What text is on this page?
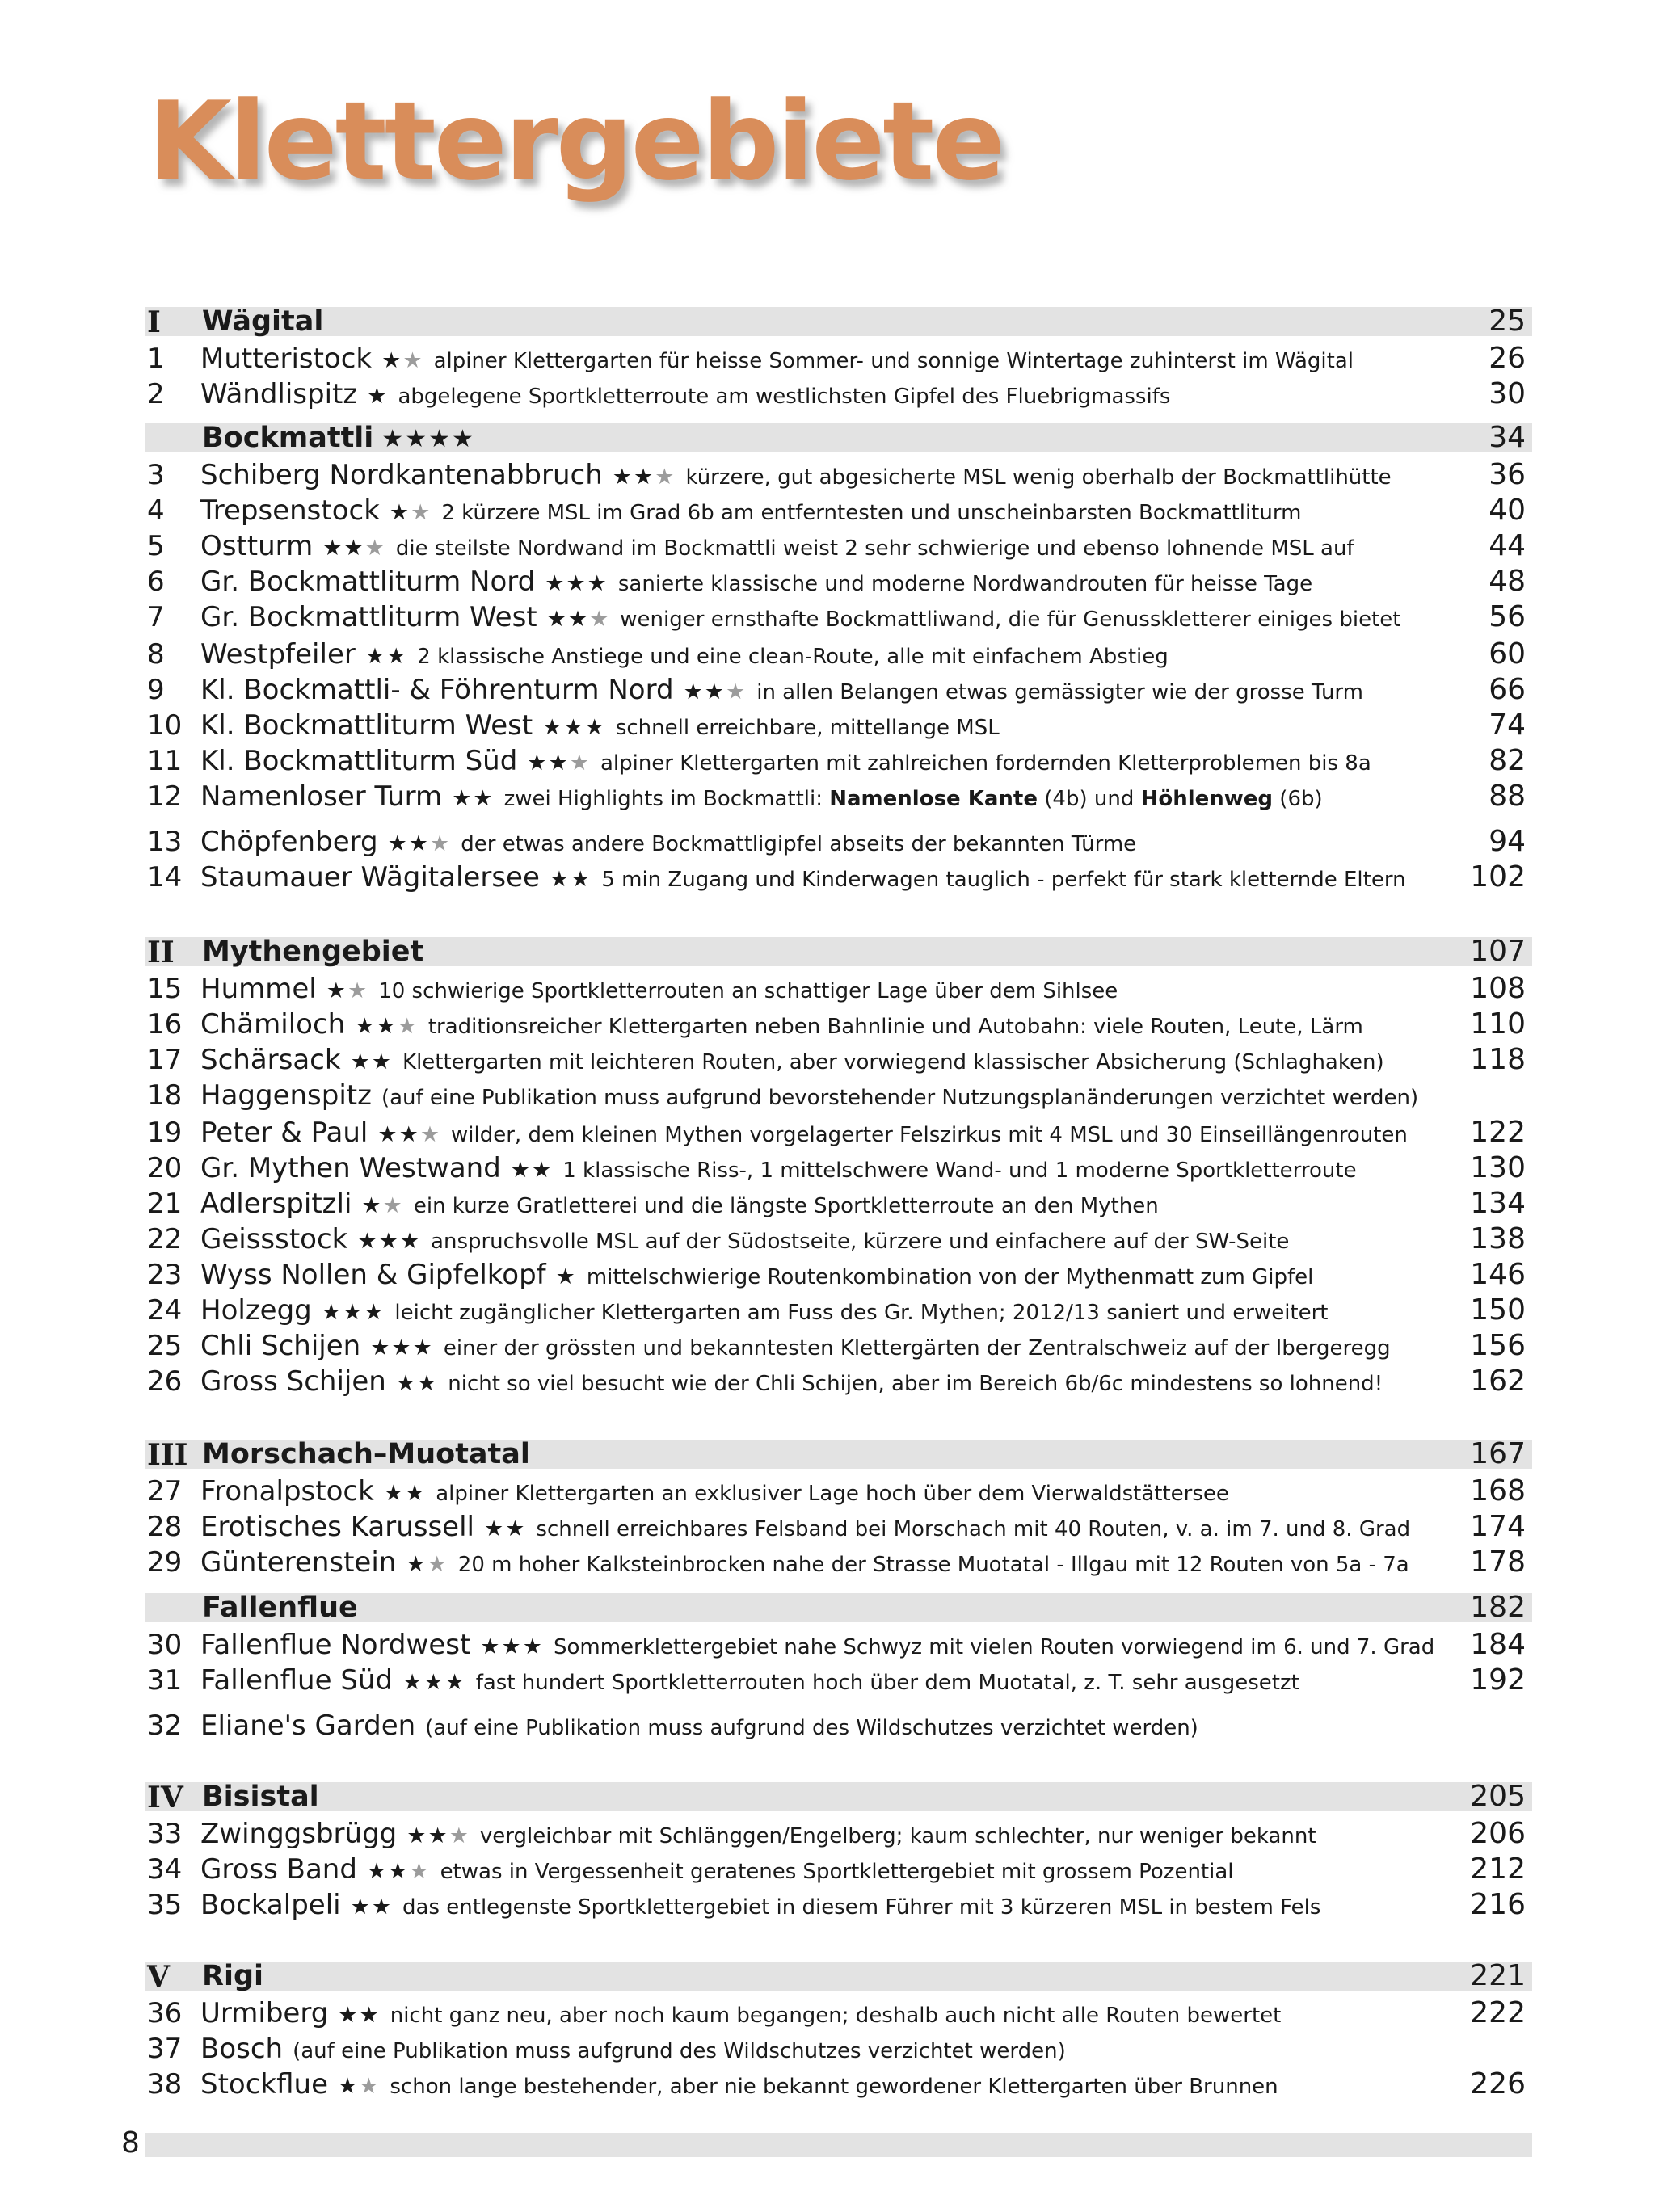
Klettergebiete
I Wägital	25
1 Mutteristock ★★ alpiner Klettergarten für heisse Sommer- und sonnige Wintertage zuhinterst im Wägital	26
2 Wändlispitz ★ abgelegene Sportkletterroute am westlichsten Gipfel des Fluebrigmassifs	30
Bockmattli ★★★★	34
3 Schiberg Nordkantenabbruch ★★★ kürzere, gut abgesicherte MSL wenig oberhalb der Bockmattlihütte	36
4 Trepsenstock ★★ 2 kürzere MSL im Grad 6b am entferntesten und unscheinbarsten Bockmattliturm	40
5 Ostturm ★★★ die steilste Nordwand im Bockmattli weist 2 sehr schwierige und ebenso lohnende MSL auf	44
6 Gr. Bockmattliturm Nord ★★★ sanierte klassische und moderne Nordwandrouten für heisse Tage	48
7 Gr. Bockmattliturm West ★★★ weniger ernsthafte Bockmattliwand, die für Genusskletterer einiges bietet	56
8 Westpfeiler ★★ 2 klassische Anstiege und eine clean-Route, alle mit einfachem Abstieg	60
9 Kl. Bockmattli- & Föhrenturm Nord ★★★ in allen Belangen etwas gemässigter wie der grosse Turm	66
10 Kl. Bockmattliturm West ★★★ schnell erreichbare, mittellange MSL	74
11 Kl. Bockmattliturm Süd ★★★ alpiner Klettergarten mit zahlreichen fordernden Kletterproblemen bis 8a	82
12 Namenloser Turm ★★ zwei Highlights im Bockmattli: Namenlose Kante (4b) und Höhlenweg (6b)	88
13 Chöpfenberg ★★★ der etwas andere Bockmattligipfel abseits der bekannten Türme	94
14 Staumauer Wägitalersee ★★ 5 min Zugang und Kinderwagen tauglich - perfekt für stark kletternde Eltern 102
II Mythengebiet	107
15 Hummel ★★ 10 schwierige Sportkletterrouten an schattiger Lage über dem Sihlsee	108
16 Chämiloch ★★★ traditionsreicher Klettergarten neben Bahnlinie und Autobahn: viele Routen, Leute, Lärm	110
17 Schärsack ★★ Klettergarten mit leichteren Routen, aber vorwiegend klassischer Absicherung (Schlaghaken)	118
18 Haggenspitz (auf eine Publikation muss aufgrund bevorstehender Nutzungsplanänderungen verzichtet werden)
19 Peter & Paul ★★★ wilder, dem kleinen Mythen vorgelagerter Felszirkus mit 4 MSL und 30 Einseillängenrouten 122
20 Gr. Mythen Westwand ★★ 1 klassische Riss-, 1 mittelschwere Wand- und 1 moderne Sportkletterroute	130
21 Adlerspitzli ★★ ein kurze Gratletterei und die längste Sportkletterroute an den Mythen	134
22 Geissstock ★★★ anspruchsvolle MSL auf der Südostseite, kürzere und einfachere auf der SW-Seite	138
23 Wyss Nollen & Gipfelkopf ★ mittelschwierige Routenkombination von der Mythenmatt zum Gipfel	146
24 Holzegg ★★★ leicht zugänglicher Klettergarten am Fuss des Gr. Mythen; 2012/13 saniert und erweitert	150
25 Chli Schijen ★★★ einer der grössten und bekanntesten Klettergärten der Zentralschweiz auf der Ibergeregg	156
26 Gross Schijen ★★ nicht so viel besucht wie der Chli Schijen, aber im Bereich 6b/6c mindestens so lohnend!	162
III Morschach–Muotatal	167
27 Fronalpstock ★★ alpiner Klettergarten an exklusiver Lage hoch über dem Vierwaldstättersee	168
28 Erotisches Karussell ★★ schnell erreichbares Felsband bei Morschach mit 40 Routen, v. a. im 7. und 8. Grad 174
29 Günterenstein ★★ 20 m hoher Kalksteinbrocken nahe der Strasse Muotatal - Illgau mit 12 Routen von 5a - 7a 178
Fallenflue	182
30 Fallenflue Nordwest ★★★ Sommerklettergebiet nahe Schwyz mit vielen Routen vorwiegend im 6. und 7. Grad 184
31 Fallenflue Süd ★★★ fast hundert Sportkletterrouten hoch über dem Muotatal, z. T. sehr ausgesetzt	192
32 Eliane's Garden (auf eine Publikation muss aufgrund des Wildschutzes verzichtet werden)
IV Bisistal	205
33 Zwinggsbrügg ★★★ vergleichbar mit Schlänggen/Engelberg; kaum schlechter, nur weniger bekannt	206
34 Gross Band ★★★ etwas in Vergessenheit geratenes Sportklettergebiet mit grossem Pozential	212
35 Bockalpeli ★★ das entlegenste Sportklettergebiet in diesem Führer mit 3 kürzeren MSL in bestem Fels	216
V Rigi	221
36 Urmiberg ★★ nicht ganz neu, aber noch kaum begangen; deshalb auch nicht alle Routen bewertet	222
37 Bosch (auf eine Publikation muss aufgrund des Wildschutzes verzichtet werden)
38 Stockflue ★★ schon lange bestehender, aber nie bekannt gewordener Klettergarten über Brunnen	226
8
